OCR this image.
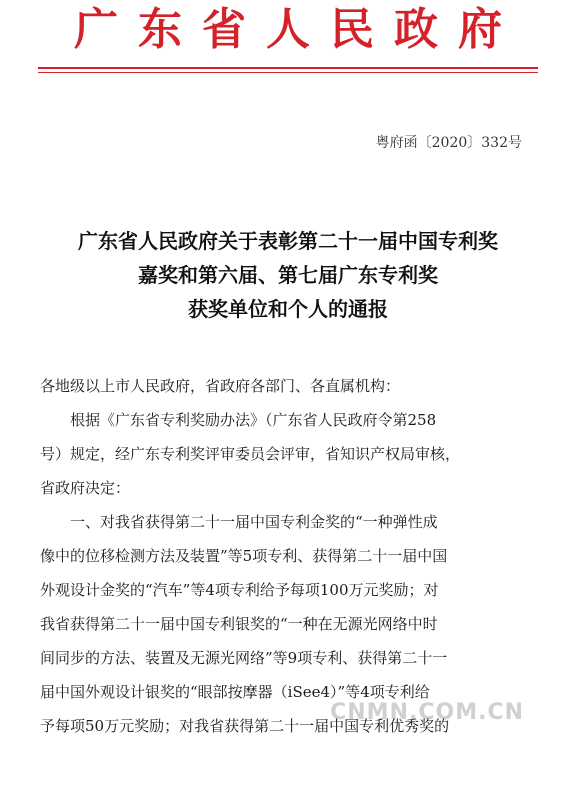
广东省人民政府
粤府函〔2020〕332号
广东省人民政府关于表彰第二十一届中国专利奖
嘉奖和第六届、第七届广东专利奖
获奖单位和个人的通报
各地级以上市人民政府，省政府各部门、各直属机构：
根据《广东省专利奖励办法》（广东省人民政府令第258
号）规定，经广东专利奖评审委员会评审，省知识产权局审核，
省政府决定：
一、对我省获得第二十一届中国专利金奖的“一种弹性成
像中的位移检测方法及装置”等5项专利、获得第二十一届中国
外观设计金奖的“汽车”等4项专利给予每项100万元奖励；对
我省获得第二十一届中国专利银奖的“一种在无源光网络中时
间同步的方法、装置及无源光网络”等9项专利、获得第二十一
届中国外观设计银奖的“眼部按摩器（iSee4）”等4项专利给
予每项50万元奖励；对我省获得第二十一届中国专利优秀奖的
CNMN.COM.CN
